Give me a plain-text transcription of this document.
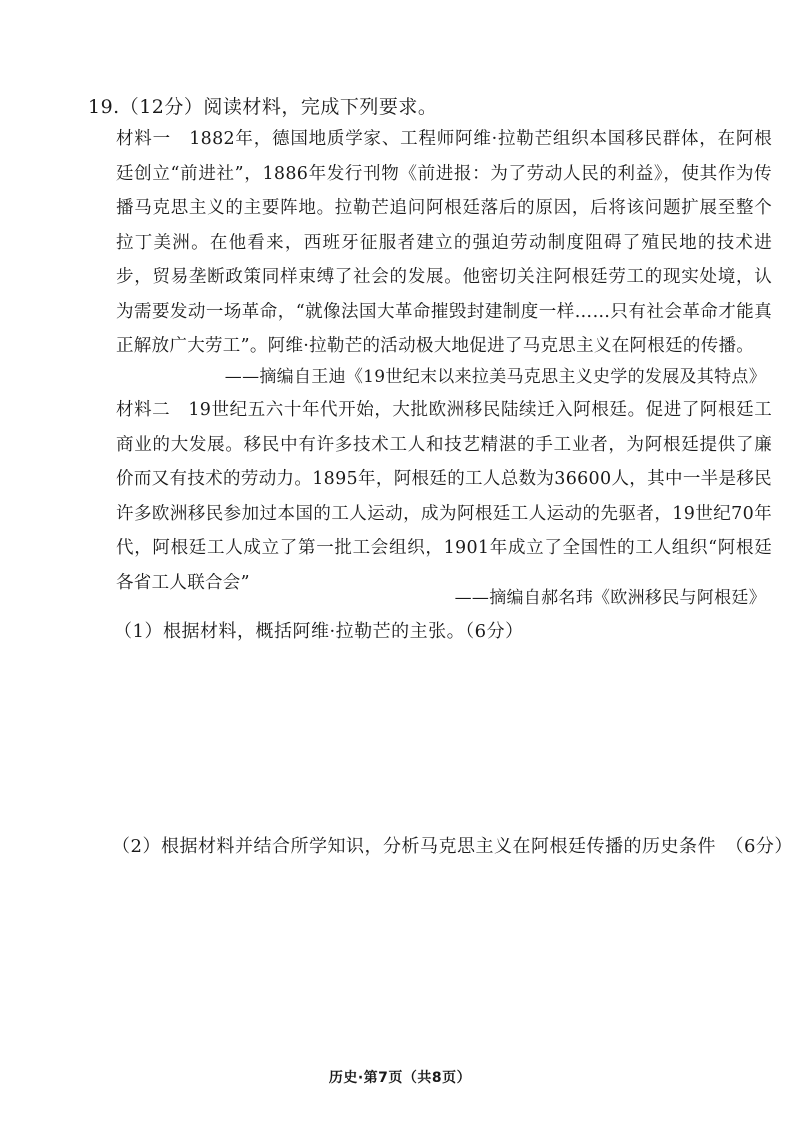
19.（12分）阅读材料，完成下列要求。
材料一　1882年，德国地质学家、工程师阿维·拉勒芒组织本国移民群体，在阿根廷创立“前进社”，1886年发行刊物《前进报：为了劳动人民的利益》，使其作为传播马克思主义的主要阵地。拉勒芒追问阿根廷落后的原因，后将该问题扩展至整个拉丁美洲。在他看来，西班牙征服者建立的强迫劳动制度阻碍了殖民地的技术进步，贸易垄断政策同样束缚了社会的发展。他密切关注阿根廷劳工的现实处境，认为需要发动一场革命，“就像法国大革命摧毁封建制度一样……只有社会革命才能真正解放广大劳工”。阿维·拉勒芒的活动极大地促进了马克思主义在阿根廷的传播。
——摘编自王迪《19世纪末以来拉美马克思主义史学的发展及其特点》
材料二　19世纪五六十年代开始，大批欧洲移民陆续迁入阿根廷。促进了阿根廷工商业的大发展。移民中有许多技术工人和技艺精湛的手工业者，为阿根廷提供了廉价而又有技术的劳动力。1895年，阿根廷的工人总数为36600人，其中一半是移民许多欧洲移民参加过本国的工人运动，成为阿根廷工人运动的先驱者，19世纪70年代，阿根廷工人成立了第一批工会组织，1901年成立了全国性的工人组织“阿根廷各省工人联合会”
——摘编自郝名玮《欧洲移民与阿根廷》
（1）根据材料，概括阿维·拉勒芒的主张。（6分）
（2）根据材料并结合所学知识，分析马克思主义在阿根廷传播的历史条件　（6分）
历史·第7页（共8页）
